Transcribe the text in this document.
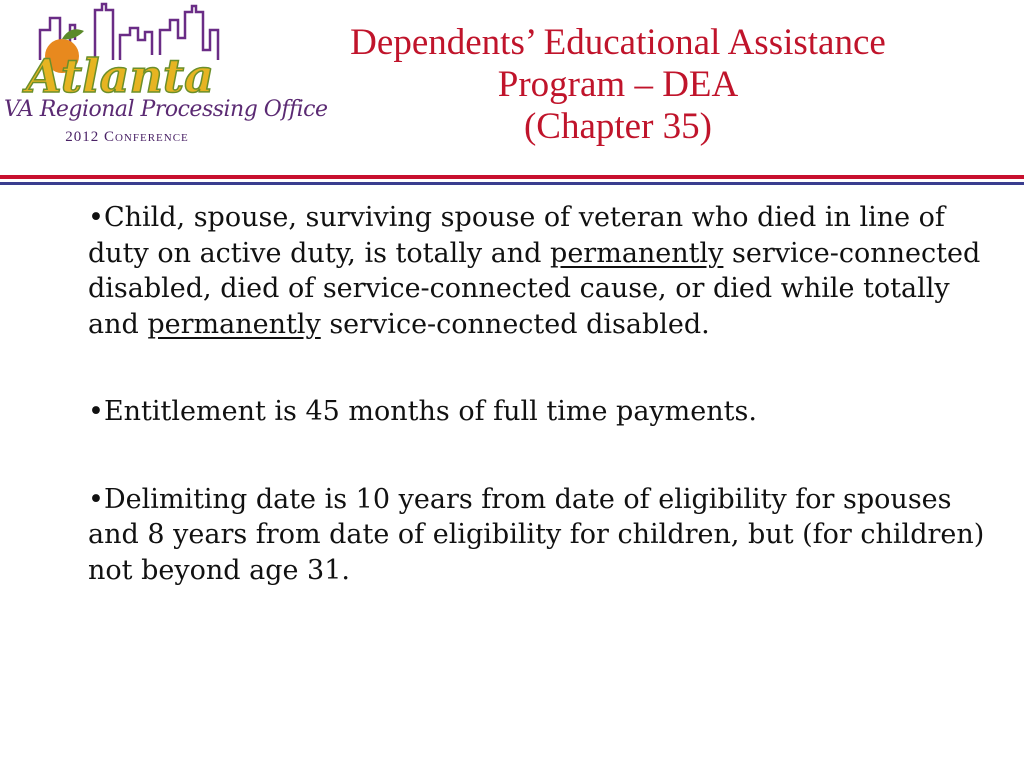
Atlanta
VA Regional Processing Office
2012 Conference
Dependents’ Educational Assistance
Program – DEA
(Chapter 35)
•Child, spouse, surviving spouse of veteran who died in line of duty on active duty, is totally and permanently service-connected disabled, died of service-connected cause, or died while totally and permanently service-connected disabled.
•Entitlement is 45 months of full time payments.
•Delimiting date is 10 years from date of eligibility for spouses and 8 years from date of eligibility for children, but (for children) not beyond age 31.
